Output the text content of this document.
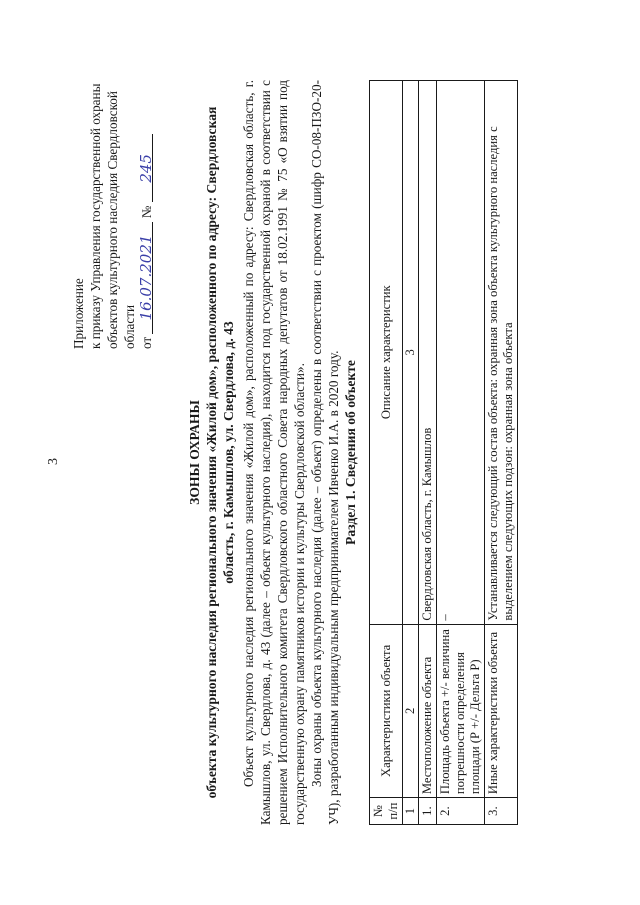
3
Приложение к приказу Управления государственной охраны объектов культурного наследия Свердловской области от 16.07.2021 № 245
ЗОНЫ ОХРАНЫ объекта культурного наследия регионального значения «Жилой дом», расположенного по адресу: Свердловская область, г. Камышлов, ул. Свердлова, д. 43 Объект культурного наследия регионального значения «Жилой дом», расположенный по адресу: Свердловская область, г. Камышлов, ул. Свердлова, д. 43 (далее – объект культурного наследия), находится под государственной охраной в соответствии с решением Исполнительного комитета Свердловского областного Совета народных депутатов от 18.02.1991 № 75 «О взятии под государственную охрану памятников истории и культуры Свердловской области». Зоны охраны объекта культурного наследия (далее – объект) определены в соответствии с проектом (шифр СО-08-ПЗО-20-УЧ), разработанным индивидуальным предпринимателем Ивченко И.А. в 2020 году. Раздел 1. Сведения об объекте
№ п/п	Характеристики объекта	Описание характеристик
1	2	3
1.	Местоположение объекта	Свердловская область, г. Камышлов
2.	Площадь объекта +/- величина погрешности определения площади (Р +/- Дельта Р)	–
3.	Иные характеристики объекта	Устанавливается следующий состав объекта: охранная зона объекта культурного наследия с выделением следующих подзон: охранная зона объекта
